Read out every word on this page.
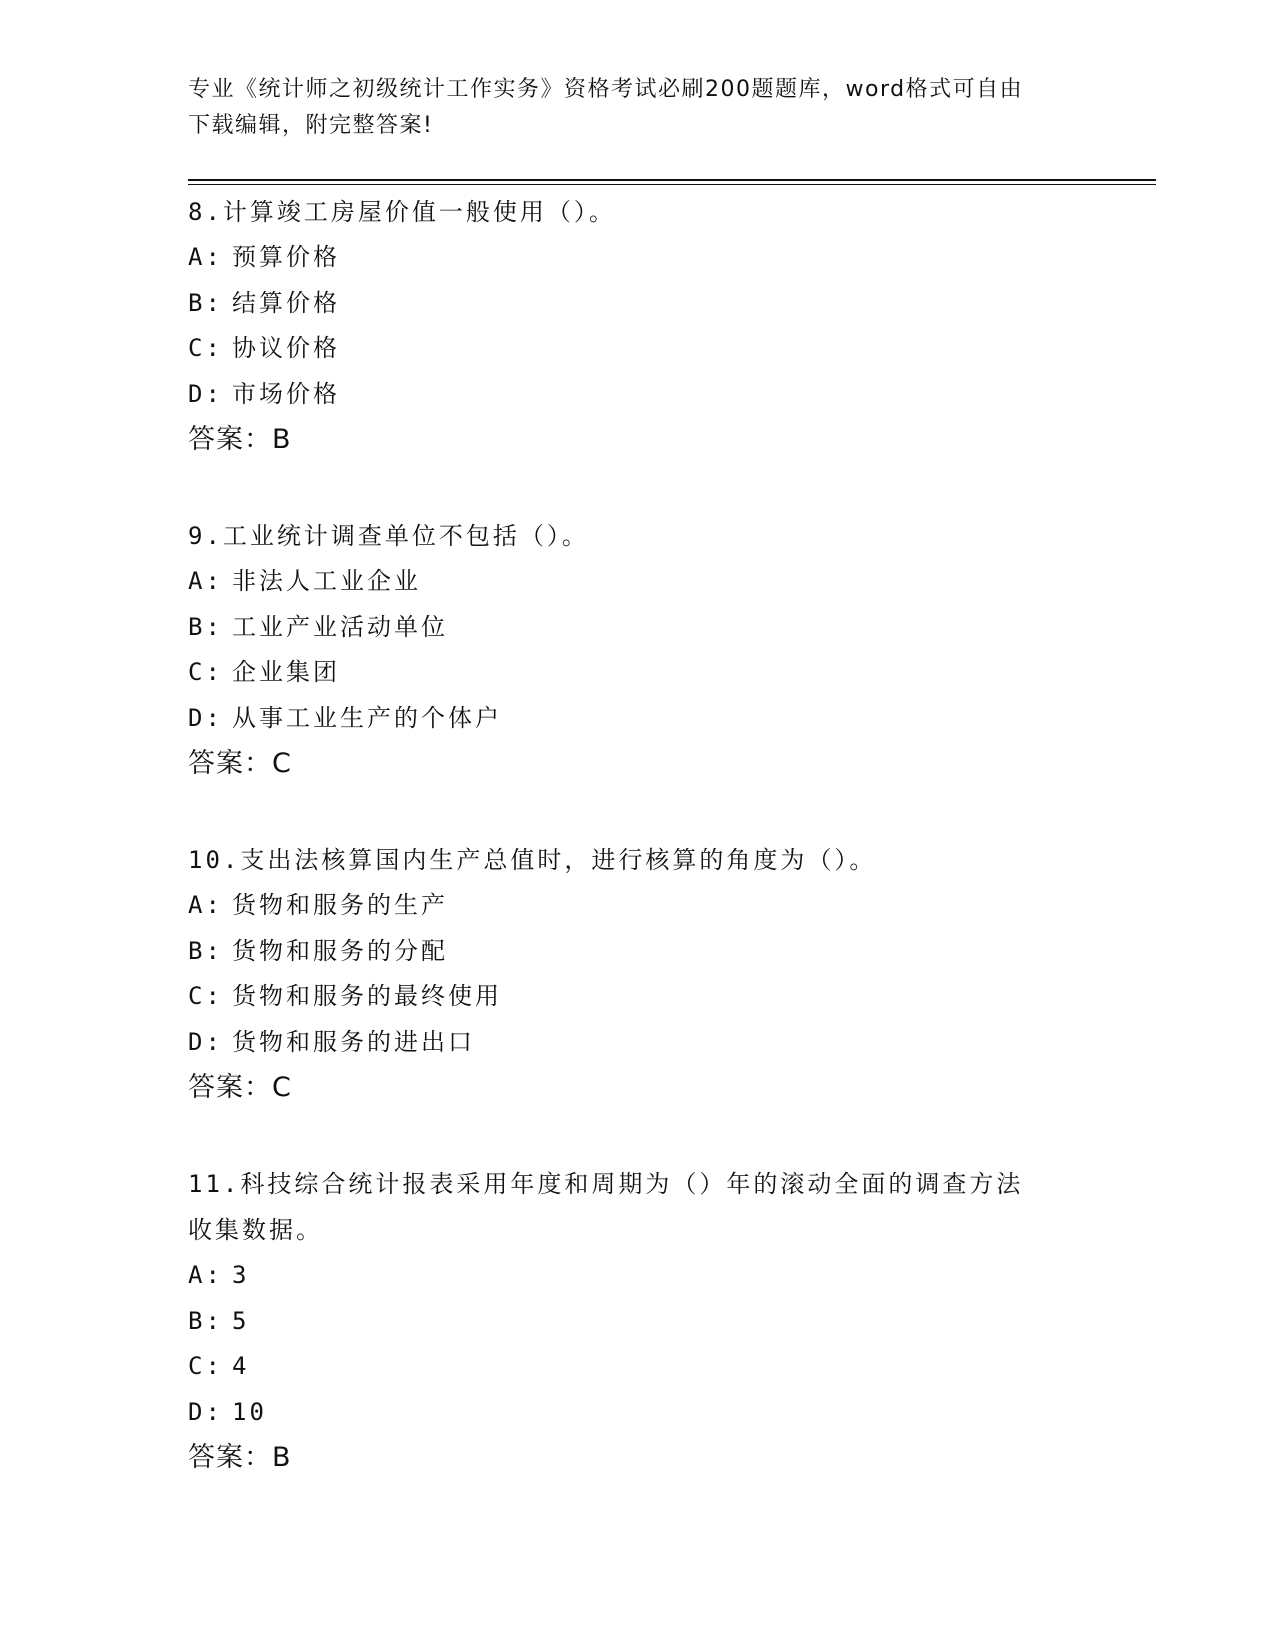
专业《统计师之初级统计工作实务》资格考试必刷200题题库，word格式可自由
下载编辑，附完整答案!
8.计算竣工房屋价值一般使用（）。
A: 预算价格
B: 结算价格
C: 协议价格
D: 市场价格
答案：B
9.工业统计调查单位不包括（）。
A: 非法人工业企业
B: 工业产业活动单位
C: 企业集团
D: 从事工业生产的个体户
答案：C
10.支出法核算国内生产总值时，进行核算的角度为（）。
A: 货物和服务的生产
B: 货物和服务的分配
C: 货物和服务的最终使用
D: 货物和服务的进出口
答案：C
11.科技综合统计报表采用年度和周期为（）年的滚动全面的调查方法
收集数据。
A: 3
B: 5
C: 4
D: 10
答案：B
